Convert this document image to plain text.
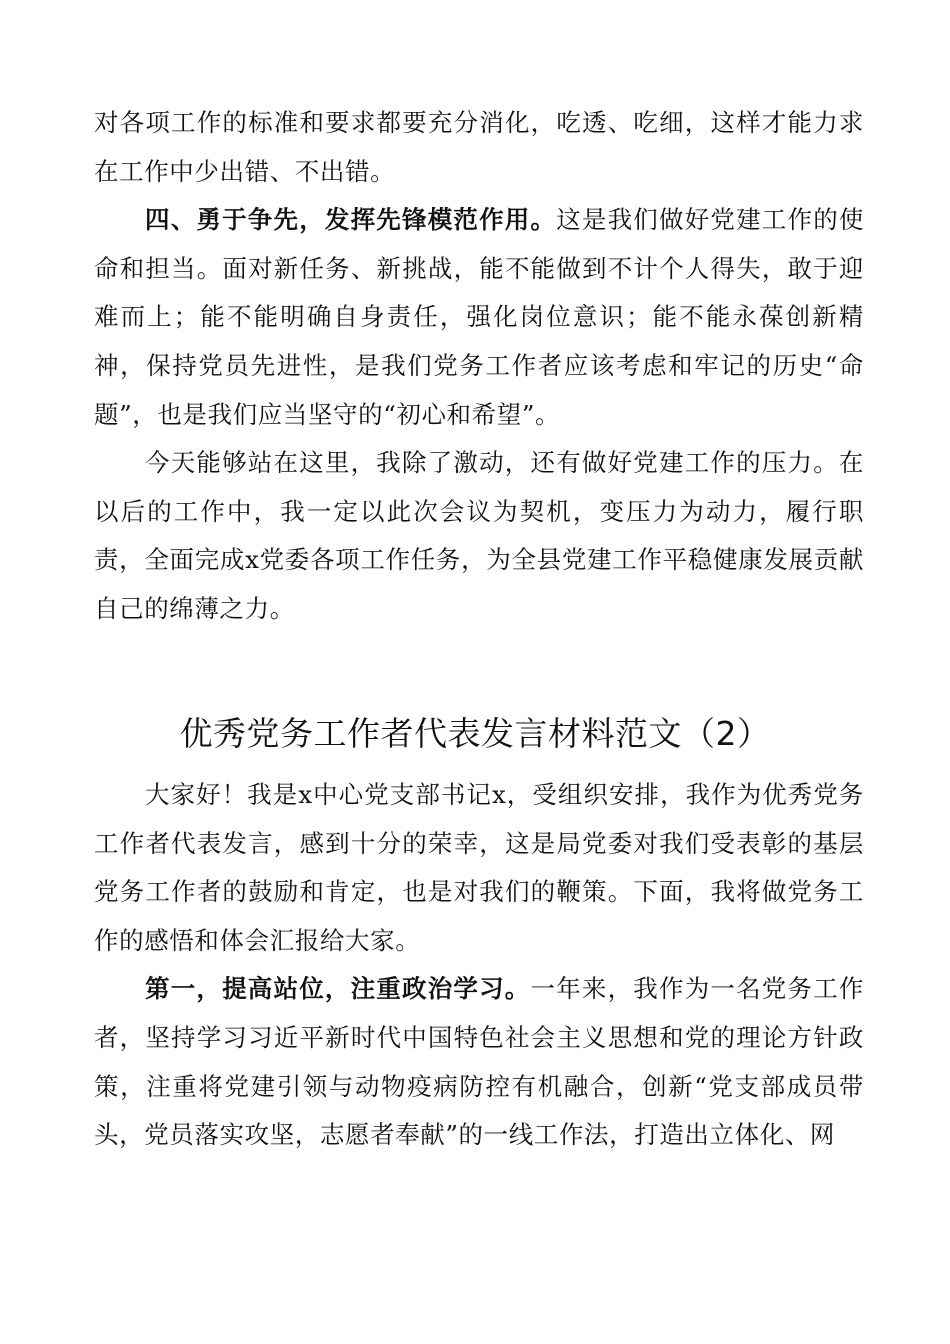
对各项工作的标准和要求都要充分消化，吃透、吃细，这样才能力求在工作中少出错、不出错。

四、勇于争先，发挥先锋模范作用。这是我们做好党建工作的使命和担当。面对新任务、新挑战，能不能做到不计个人得失，敢于迎难而上；能不能明确自身责任，强化岗位意识；能不能永葆创新精神，保持党员先进性，是我们党务工作者应该考虑和牢记的历史“命题”，也是我们应当坚守的“初心和希望”。

今天能够站在这里，我除了激动，还有做好党建工作的压力。在以后的工作中，我一定以此次会议为契机，变压力为动力，履行职责，全面完成x党委各项工作任务，为全县党建工作平稳健康发展贡献自己的绵薄之力。

优秀党务工作者代表发言材料范文（2）

大家好！我是x中心党支部书记x，受组织安排，我作为优秀党务工作者代表发言，感到十分的荣幸，这是局党委对我们受表彰的基层党务工作者的鼓励和肯定，也是对我们的鞭策。下面，我将做党务工作的感悟和体会汇报给大家。

第一，提高站位，注重政治学习。一年来，我作为一名党务工作者，坚持学习习近平新时代中国特色社会主义思想和党的理论方针政策，注重将党建引领与动物疫病防控有机融合，创新“党支部成员带头，党员落实攻坚，志愿者奉献”的一线工作法，打造出立体化、网
